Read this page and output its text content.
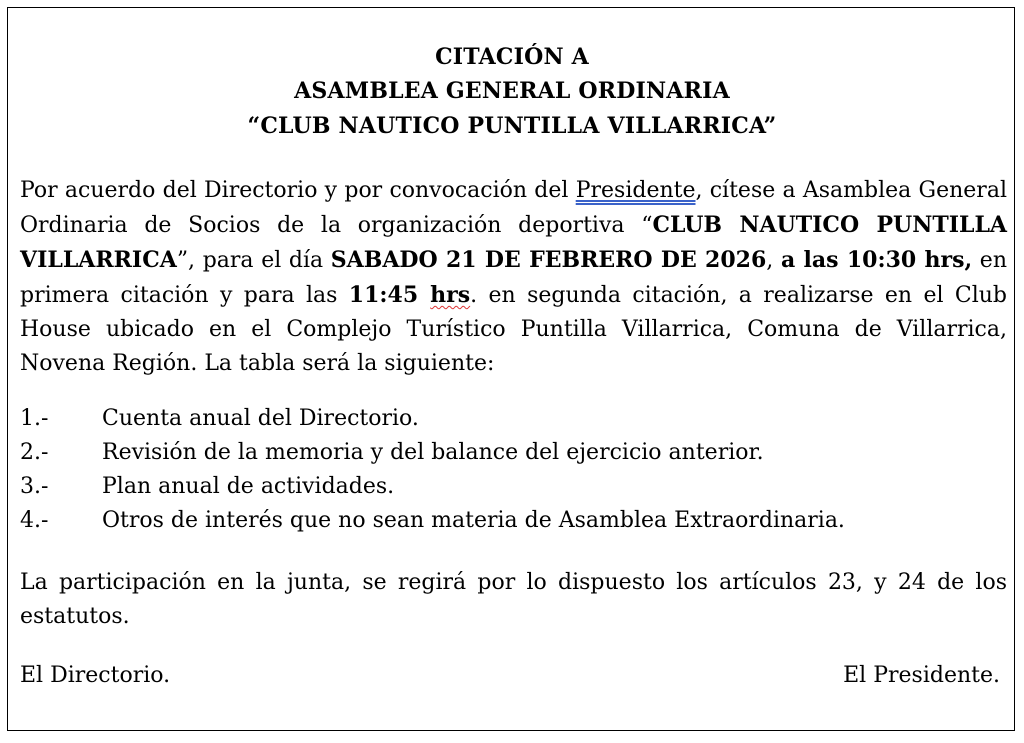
CITACIÓN A
ASAMBLEA GENERAL ORDINARIA
“CLUB NAUTICO PUNTILLA VILLARRICA”
Por acuerdo del Directorio y por convocación del Presidente, cítese a Asamblea General Ordinaria de Socios de la organización deportiva “CLUB NAUTICO PUNTILLA VILLARRICA”, para el día SABADO 21 DE FEBRERO DE 2026, a las 10:30 hrs, en primera citación y para las 11:45 hrs. en segunda citación, a realizarse en el Club House ubicado en el Complejo Turístico Puntilla Villarrica, Comuna de Villarrica, Novena Región. La tabla será la siguiente:
1.-	Cuenta anual del Directorio.
2.-	Revisión de la memoria y del balance del ejercicio anterior.
3.-	Plan anual de actividades.
4.-	Otros de interés que no sean materia de Asamblea Extraordinaria.
La participación en la junta, se regirá por lo dispuesto los artículos 23, y 24 de los estatutos.
El Directorio.	El Presidente.
